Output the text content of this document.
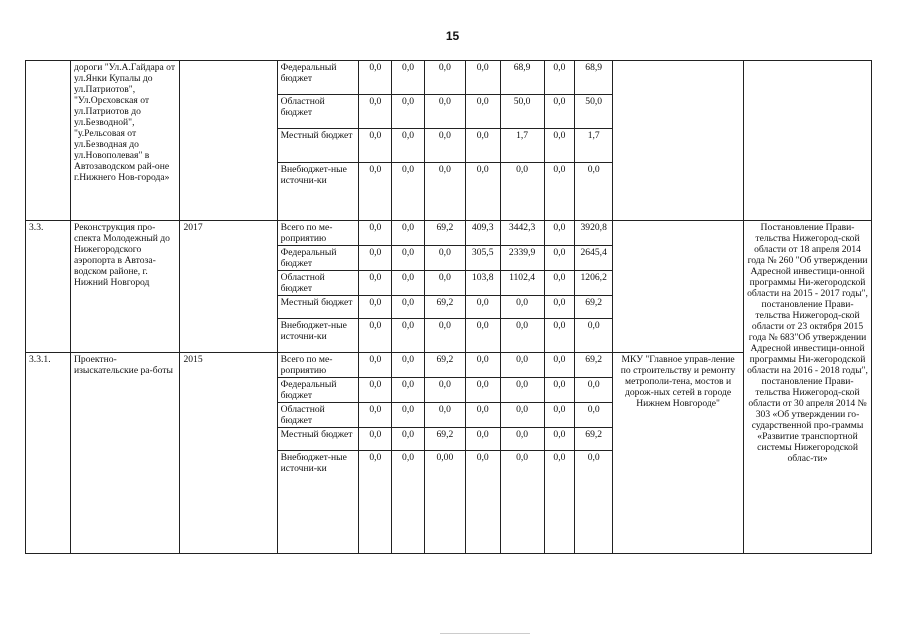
15
	дороги "Ул.А.Гайдара от ул.Янки Купалы до ул.Патриотов", "Ул.Орєховская от ул.Патриотов до ул.Безводной", "у.Рельсовая от ул.Безводная до ул.Новополевая" в Автозаводском рай-оне г.Нижнего Нов-города»		Федеральный бюджет	0,0	0,0	0,0	0,0	68,9	0,0	68,9		
			Областной бюджет	0,0	0,0	0,0	0,0	50,0	0,0	50,0		
			Местный бюджет	0,0	0,0	0,0	0,0	1,7	0,0	1,7		
			Внебюджет-ные источни-ки	0,0	0,0	0,0	0,0	0,0	0,0	0,0		
3.3.	Реконструкция про-спекта Молодежный до Нижегородского аэропорта в Автоза-водском районе, г. Нижний Новгород	2017	Всего по ме-роприятию	0,0	0,0	69,2	409,3	3442,3	0,0	3920,8		Постановление Прави-тельства Нижегород-ской области от 18 апреля 2014 года № 260 "Об утверждении Адресной инвестици-онной программы Ни-жегородской области на 2015 - 2017 годы", постановление Прави-тельства Нижегород-ской области от 23 октября 2015 года № 683"Об утверждении Адресной инвестици-онной программы Ни-жегородской области на 2016 - 2018 годы", постановление Прави-тельства Нижегород-ской области от 30 апреля 2014 № 303 «Об утверждении го-сударственной про-граммы «Развитие транспортной системы Нижегородской облас-ти»
			Федеральный бюджет	0,0	0,0	0,0	305,5	2339,9	0,0	2645,4		
			Областной бюджет	0,0	0,0	0,0	103,8	1102,4	0,0	1206,2		
			Местный бюджет	0,0	0,0	69,2	0,0	0,0	0,0	69,2		
			Внебюджет-ные источни-ки	0,0	0,0	0,0	0,0	0,0	0,0	0,0		
3.3.1.	Проектно-изыскательские ра-боты	2015	Всего по ме-роприятию	0,0	0,0	69,2	0,0	0,0	0,0	69,2	МКУ "Главное управ-ление по строительству и ремонту метрополи-тена, мостов и дорож-ных сетей в городе Нижнем Новгороде"	
			Федеральный бюджет	0,0	0,0	0,0	0,0	0,0	0,0	0,0		
			Областной бюджет	0,0	0,0	0,0	0,0	0,0	0,0	0,0		
			Местный бюджет	0,0	0,0	69,2	0,0	0,0	0,0	69,2		
			Внебюджет-ные источни-ки	0,0	0,0	0,00	0,0	0,0	0,0	0,0		
